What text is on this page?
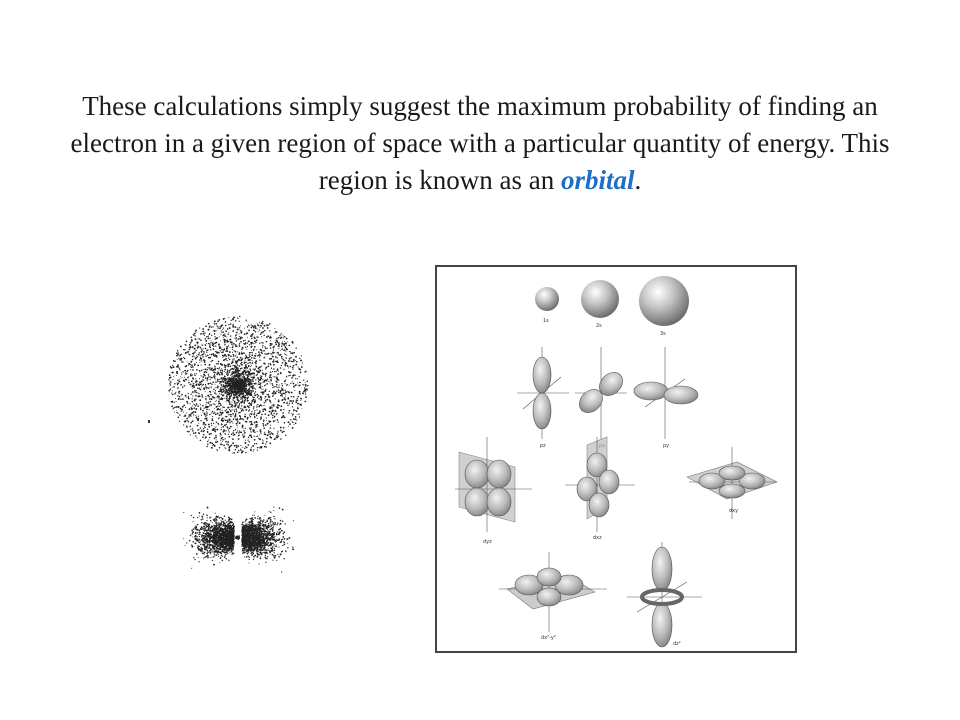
These calculations simply suggest the maximum probability of finding an electron in a given region of space with a particular quantity of energy. This region is known as an orbital.
1s
2s
3s
pz	py
dyz
dxz
dxy
dx²-y²
dz²
